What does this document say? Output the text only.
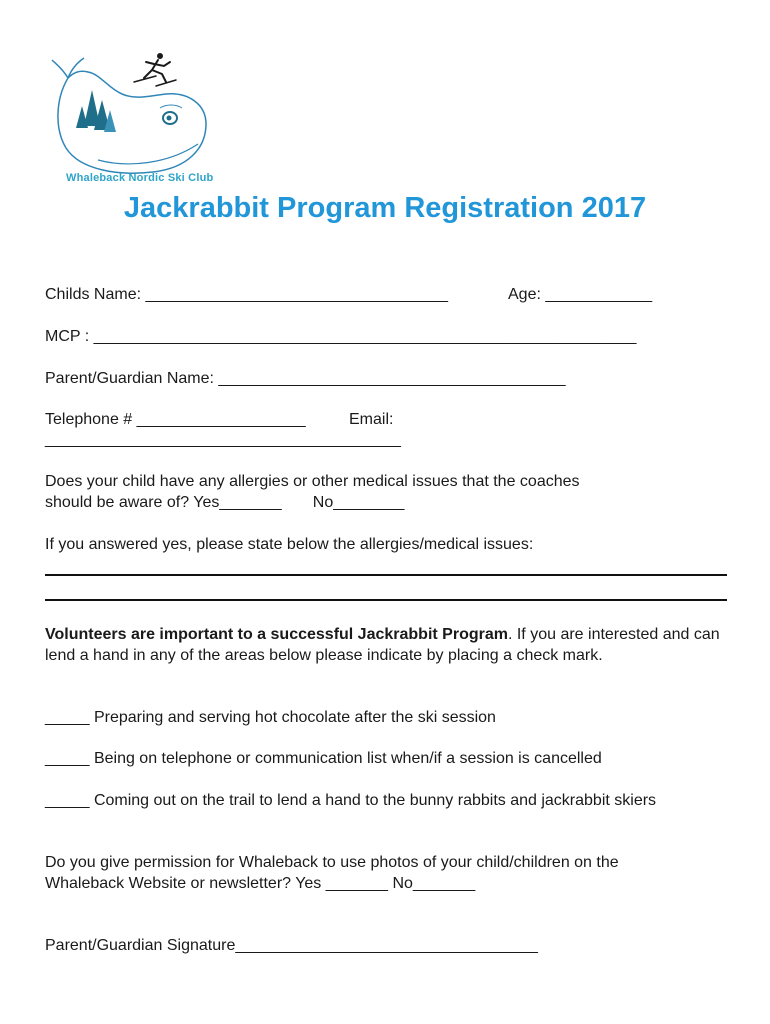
Whaleback Nordic Ski Club
Jackrabbit Program Registration 2017
Childs Name: __________________________________	Age: ____________
MCP : _____________________________________________________________
Parent/Guardian Name: _______________________________________
Telephone # ___________________	Email:
________________________________________
Does your child have any allergies or other medical issues that the coaches
should be aware of? Yes_______       No________
If you answered yes, please state below the allergies/medical issues:
Volunteers are important to a successful Jackrabbit Program. If you are interested and can lend a hand in any of the areas below please indicate by placing a check mark.
_____ Preparing and serving hot chocolate after the ski session
_____ Being on telephone or communication list when/if a session is cancelled
_____ Coming out on the trail to lend a hand to the bunny rabbits and jackrabbit skiers
Do you give permission for Whaleback to use photos of your child/children on the
Whaleback Website or newsletter? Yes _______ No_______
Parent/Guardian Signature__________________________________
